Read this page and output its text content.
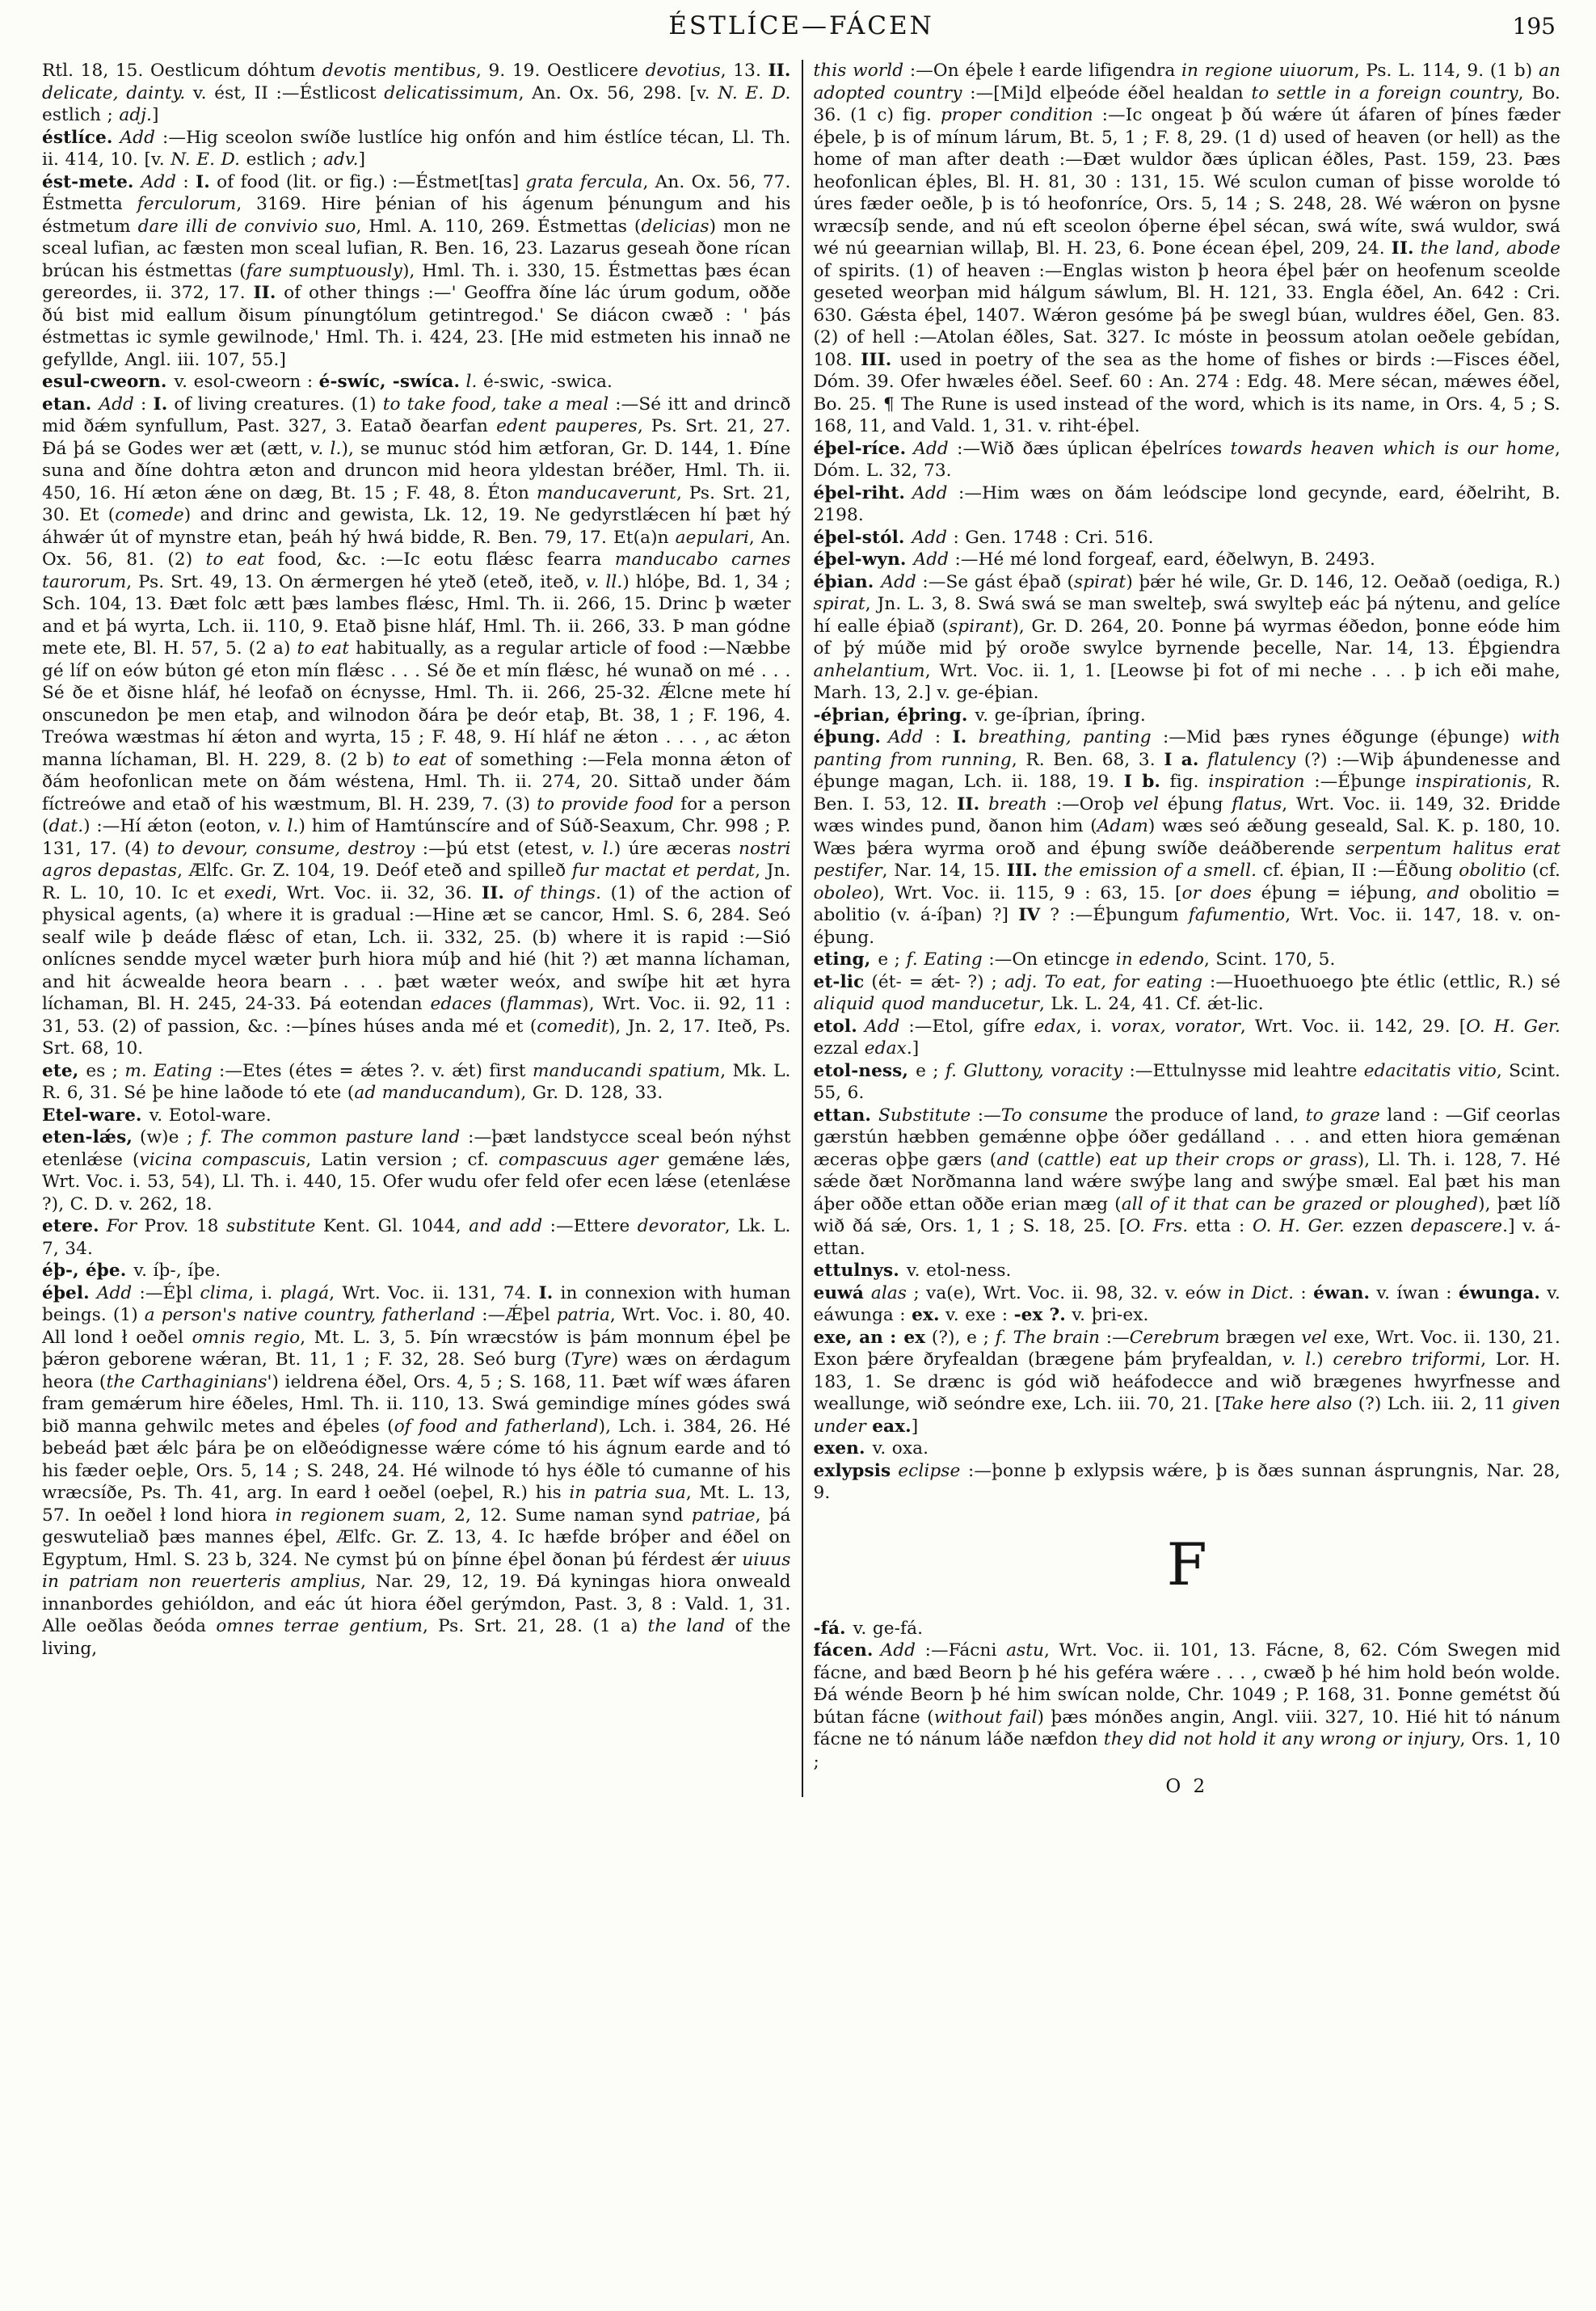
ÉSTLÍCE—FÁCEN	195

Rtl. 18, 15. Oestlicum dóhtum devotis mentibus, 9. 19. Oestlicere devotius, 13. II. delicate, dainty. v. ést, II :—Éstlicost delicatissimum, An. Ox. 56, 298. [v. N. E. D. estlich ; adj.]

éstlíce. Add :—Hig sceolon swíðe lustlíce hig onfón and him éstlíce técan, Ll. Th. ii. 414, 10. [v. N. E. D. estlich ; adv.]

ést-mete. Add : I. of food (lit. or fig.) :—Éstmet[tas] grata fercula, An. Ox. 56, 77. Éstmetta ferculorum, 3169. Hire þénian of his ágenum þénungum and his éstmetum dare illi de convivio suo, Hml. A. 110, 269. Éstmettas (delicias) mon ne sceal lufian, ac fæsten mon sceal lufian, R. Ben. 16, 23. Lazarus geseah ðone rícan brúcan his éstmettas (fare sumptuously), Hml. Th. i. 330, 15. Éstmettas þæs écan gereordes, ii. 372, 17. II. of other things :—' Geoffra ðíne lác úrum godum, oððe ðú bist mid eallum ðisum pínungtólum getintregod.' Se diácon cwæð : ' þás éstmettas ic symle gewilnode,' Hml. Th. i. 424, 23. [He mid estmeten his innað ne gefyllde, Angl. iii. 107, 55.]

esul-cweorn. v. esol-cweorn : é-swíc, -swíca. l. é-swic, -swica.

etan. Add : I. of living creatures. (1) to take food, take a meal :—Sé itt and drincð mid ðǽm synfullum, Past. 327, 3. Eatað ðearfan edent pauperes, Ps. Srt. 21, 27. Ðá þá se Godes wer æt (ætt, v. l.), se munuc stód him ætforan, Gr. D. 144, 1. Ðíne suna and ðíne dohtra æton and druncon mid heora yldestan bréðer, Hml. Th. ii. 450, 16. Hí æton ǽne on dæg, Bt. 15 ; F. 48, 8. Éton manducaverunt, Ps. Srt. 21, 30. Et (comede) and drinc and gewista, Lk. 12, 19. Ne gedyrstlǽcen hí þæt hý áhwǽr út of mynstre etan, þeáh hý hwá bidde, R. Ben. 79, 17. Et(a)n aepulari, An. Ox. 56, 81. (2) to eat food, &c. :—Ic eotu flǽsc fearra manducabo carnes taurorum, Ps. Srt. 49, 13. On ǽrmergen hé yteð (eteð, iteð, v. ll.) hlóþe, Bd. 1, 34 ; Sch. 104, 13. Ðæt folc ætt þæs lambes flǽsc, Hml. Th. ii. 266, 15. Drinc þ wæter and et þá wyrta, Lch. ii. 110, 9. Etað þisne hláf, Hml. Th. ii. 266, 33. Þ man gódne mete ete, Bl. H. 57, 5. (2 a) to eat habitually, as a regular article of food :—Næbbe gé líf on eów búton gé eton mín flǽsc . . . Sé ðe et mín flǽsc, hé wunað on mé . . . Sé ðe et ðisne hláf, hé leofað on écnysse, Hml. Th. ii. 266, 25-32. Ǽlcne mete hí onscunedon þe men etaþ, and wilnodon ðára þe deór etaþ, Bt. 38, 1 ; F. 196, 4. Treówa wæstmas hí ǽton and wyrta, 15 ; F. 48, 9. Hí hláf ne ǽton . . . , ac ǽton manna líchaman, Bl. H. 229, 8. (2 b) to eat of something :—Fela monna ǽton of ðám heofonlican mete on ðám wéstena, Hml. Th. ii. 274, 20. Sittað under ðám fíctreówe and etað of his wæstmum, Bl. H. 239, 7. (3) to provide food for a person (dat.) :—Hí ǽton (eoton, v. l.) him of Hamtúnscíre and of Súð-Seaxum, Chr. 998 ; P. 131, 17. (4) to devour, consume, destroy :—þú etst (etest, v. l.) úre æceras nostri agros depastas, Ælfc. Gr. Z. 104, 19. Deóf eteð and spilleð fur mactat et perdat, Jn. R. L. 10, 10. Ic et exedi, Wrt. Voc. ii. 32, 36. II. of things. (1) of the action of physical agents, (a) where it is gradual :—Hine æt se cancor, Hml. S. 6, 284. Seó sealf wile þ deáde flǽsc of etan, Lch. ii. 332, 25. (b) where it is rapid :—Sió onlícnes sendde mycel wæter þurh hiora múþ and hié (hit ?) æt manna líchaman, and hit ácwealde heora bearn . . . þæt wæter weóx, and swíþe hit æt hyra líchaman, Bl. H. 245, 24-33. Þá eotendan edaces (flammas), Wrt. Voc. ii. 92, 11 : 31, 53. (2) of passion, &c. :—þínes húses anda mé et (comedit), Jn. 2, 17. Iteð, Ps. Srt. 68, 10.

ete, es ; m. Eating :—Etes (étes = ǽtes ?. v. ǽt) first manducandi spatium, Mk. L. R. 6, 31. Sé þe hine laðode tó ete (ad manducandum), Gr. D. 128, 33.

Etel-ware. v. Eotol-ware.

eten-lǽs, (w)e ; f. The common pasture land :—þæt landstycce sceal beón nýhst etenlǽse (vicina compascuis, Latin version ; cf. compascuus ager gemǽne lǽs, Wrt. Voc. i. 53, 54), Ll. Th. i. 440, 15. Ofer wudu ofer feld ofer ecen lǽse (etenlǽse ?), C. D. v. 262, 18.

etere. For Prov. 18 substitute Kent. Gl. 1044, and add :—Ettere devorator, Lk. L. 7, 34.

éþ-, éþe. v. íþ-, íþe.

éþel. Add :—Éþl clima, i. plagá, Wrt. Voc. ii. 131, 74. I. in connexion with human beings. (1) a person's native country, fatherland :—Ǽþel patria, Wrt. Voc. i. 80, 40. All lond ł oeðel omnis regio, Mt. L. 3, 5. Þín wræcstów is þám monnum éþel þe þǽron geborene wǽran, Bt. 11, 1 ; F. 32, 28. Seó burg (Tyre) wæs on ǽrdagum heora (the Carthaginians') ieldrena éðel, Ors. 4, 5 ; S. 168, 11. Þæt wíf wæs áfaren fram gemǽrum hire éðeles, Hml. Th. ii. 110, 13. Swá gemindige mínes gódes swá bið manna gehwilc metes and éþeles (of food and fatherland), Lch. i. 384, 26. Hé bebeád þæt ǽlc þára þe on elðeódignesse wǽre cóme tó his ágnum earde and tó his fæder oeþle, Ors. 5, 14 ; S. 248, 24. Hé wilnode tó hys éðle tó cumanne of his wræcsíðe, Ps. Th. 41, arg. In eard ł oeðel (oeþel, R.) his in patria sua, Mt. L. 13, 57. In oeðel ł lond hiora in regionem suam, 2, 12. Sume naman synd patriae, þá geswuteliað þæs mannes éþel, Ælfc. Gr. Z. 13, 4. Ic hæfde bróþer and éðel on Egyptum, Hml. S. 23 b, 324. Ne cymst þú on þínne éþel ðonan þú férdest ǽr uiuus in patriam non reuerteris amplius, Nar. 29, 12, 19. Ðá kyningas hiora onweald innanbordes gehióldon, and eác út hiora éðel gerýmdon, Past. 3, 8 : Vald. 1, 31. Alle oeðlas ðeóda omnes terrae gentium, Ps. Srt. 21, 28. (1 a) the land of the living,

this world :—On éþele ł earde lifigendra in regione uiuorum, Ps. L. 114, 9. (1 b) an adopted country :—[Mi]d elþeóde éðel healdan to settle in a foreign country, Bo. 36. (1 c) fig. proper condition :—Ic ongeat þ ðú wǽre út áfaren of þínes fæder éþele, þ is of mínum lárum, Bt. 5, 1 ; F. 8, 29. (1 d) used of heaven (or hell) as the home of man after death :—Ðæt wuldor ðæs úplican éðles, Past. 159, 23. Þæs heofonlican éþles, Bl. H. 81, 30 : 131, 15. Wé sculon cuman of þisse worolde tó úres fæder oeðle, þ is tó heofonríce, Ors. 5, 14 ; S. 248, 28. Wé wǽron on þysne wræcsíþ sende, and nú eft sceolon óþerne éþel sécan, swá wíte, swá wuldor, swá wé nú geearnian willaþ, Bl. H. 23, 6. Þone écean éþel, 209, 24. II. the land, abode of spirits. (1) of heaven :—Englas wiston þ heora éþel þǽr on heofenum sceolde geseted weorþan mid hálgum sáwlum, Bl. H. 121, 33. Engla éðel, An. 642 : Cri. 630. Gǽsta éþel, 1407. Wǽron gesóme þá þe swegl búan, wuldres éðel, Gen. 83. (2) of hell :—Atolan éðles, Sat. 327. Ic móste in þeossum atolan oeðele gebídan, 108. III. used in poetry of the sea as the home of fishes or birds :—Fisces éðel, Dóm. 39. Ofer hwæles éðel. Seef. 60 : An. 274 : Edg. 48. Mere sécan, mǽwes éðel, Bo. 25. ¶ The Rune is used instead of the word, which is its name, in Ors. 4, 5 ; S. 168, 11, and Vald. 1, 31. v. riht-éþel.

éþel-ríce. Add :—Wið ðæs úplican éþelríces towards heaven which is our home, Dóm. L. 32, 73.

éþel-riht. Add :—Him wæs on ðám leódscipe lond gecynde, eard, éðelriht, B. 2198.

éþel-stól. Add : Gen. 1748 : Cri. 516.

éþel-wyn. Add :—Hé mé lond forgeaf, eard, éðelwyn, B. 2493.

éþian. Add :—Se gást éþað (spirat) þǽr hé wile, Gr. D. 146, 12. Oeðað (oediga, R.) spirat, Jn. L. 3, 8. Swá swá se man swelteþ, swá swylteþ eác þá nýtenu, and gelíce hí ealle éþiað (spirant), Gr. D. 264, 20. Þonne þá wyrmas éðedon, þonne eóde him of þý múðe mid þý oroðe swylce byrnende þecelle, Nar. 14, 13. Éþgiendra anhelantium, Wrt. Voc. ii. 1, 1. [Leowse þi fot of mi neche . . . þ ich eði mahe, Marh. 13, 2.] v. ge-éþian.

-éþrian, éþring. v. ge-íþrian, íþring.

éþung. Add : I. breathing, panting :—Mid þæs rynes éðgunge (éþunge) with panting from running, R. Ben. 68, 3. I a. flatulency (?) :—Wiþ áþundenesse and éþunge magan, Lch. ii. 188, 19. I b. fig. inspiration :—Éþunge inspirationis, R. Ben. I. 53, 12. II. breath :—Oroþ vel éþung flatus, Wrt. Voc. ii. 149, 32. Ðridde wæs windes pund, ðanon him (Adam) wæs seó ǽðung geseald, Sal. K. p. 180, 10. Wæs þǽra wyrma oroð and éþung swíðe deáðberende serpentum halitus erat pestifer, Nar. 14, 15. III. the emission of a smell. cf. éþian, II :—Éðung obolitio (cf. oboleo), Wrt. Voc. ii. 115, 9 : 63, 15. [or does éþung = iéþung, and obolitio = abolitio (v. á-íþan) ?] IV ? :—Éþungum fafumentio, Wrt. Voc. ii. 147, 18. v. on-éþung.

eting, e ; f. Eating :—On etincge in edendo, Scint. 170, 5.

et-lic (ét- = ǽt- ?) ; adj. To eat, for eating :—Huoethuoego þte étlic (ettlic, R.) sé aliquid quod manducetur, Lk. L. 24, 41. Cf. ǽt-lic.

etol. Add :—Etol, gífre edax, i. vorax, vorator, Wrt. Voc. ii. 142, 29. [O. H. Ger. ezzal edax.]

etol-ness, e ; f. Gluttony, voracity :—Ettulnysse mid leahtre edacitatis vitio, Scint. 55, 6.

ettan. Substitute :—To consume the produce of land, to graze land : —Gif ceorlas gærstún hæbben gemǽnne oþþe óðer gedálland . . . and etten hiora gemǽnan æceras oþþe gærs (and (cattle) eat up their crops or grass), Ll. Th. i. 128, 7. Hé sǽde ðæt Norðmanna land wǽre swýþe lang and swýþe smæl. Eal þæt his man áþer oððe ettan oððe erian mæg (all of it that can be grazed or ploughed), þæt líð wið ðá sǽ, Ors. 1, 1 ; S. 18, 25. [O. Frs. etta : O. H. Ger. ezzen depascere.] v. á-ettan.

ettulnys. v. etol-ness.

euwá alas ; va(e), Wrt. Voc. ii. 98, 32. v. eów in Dict. : éwan. v. íwan : éwunga. v. eáwunga : ex. v. exe : -ex ?. v. þri-ex.

exe, an : ex (?), e ; f. The brain :—Cerebrum brægen vel exe, Wrt. Voc. ii. 130, 21. Exon þǽre ðryfealdan (brægene þám þryfealdan, v. l.) cerebro triformi, Lor. H. 183, 1. Se drænc is gód wið heáfodecce and wið brægenes hwyrfnesse and weallunge, wið seóndre exe, Lch. iii. 70, 21. [Take here also (?) Lch. iii. 2, 11 given under eax.]

exen. v. oxa.

exlypsis eclipse :—þonne þ exlypsis wǽre, þ is ðæs sunnan ásprungnis, Nar. 28, 9.

F

-fá. v. ge-fá.

fácen. Add :—Fácni astu, Wrt. Voc. ii. 101, 13. Fácne, 8, 62. Cóm Swegen mid fácne, and bæd Beorn þ hé his geféra wǽre . . . , cwæð þ hé him hold beón wolde. Ðá wénde Beorn þ hé him swícan nolde, Chr. 1049 ; P. 168, 31. Þonne gemétst ðú bútan fácne (without fail) þæs mónðes angin, Angl. viii. 327, 10. Hié hit tó nánum fácne ne tó nánum láðe næfdon they did not hold it any wrong or injury, Ors. 1, 10 ;

O 2
